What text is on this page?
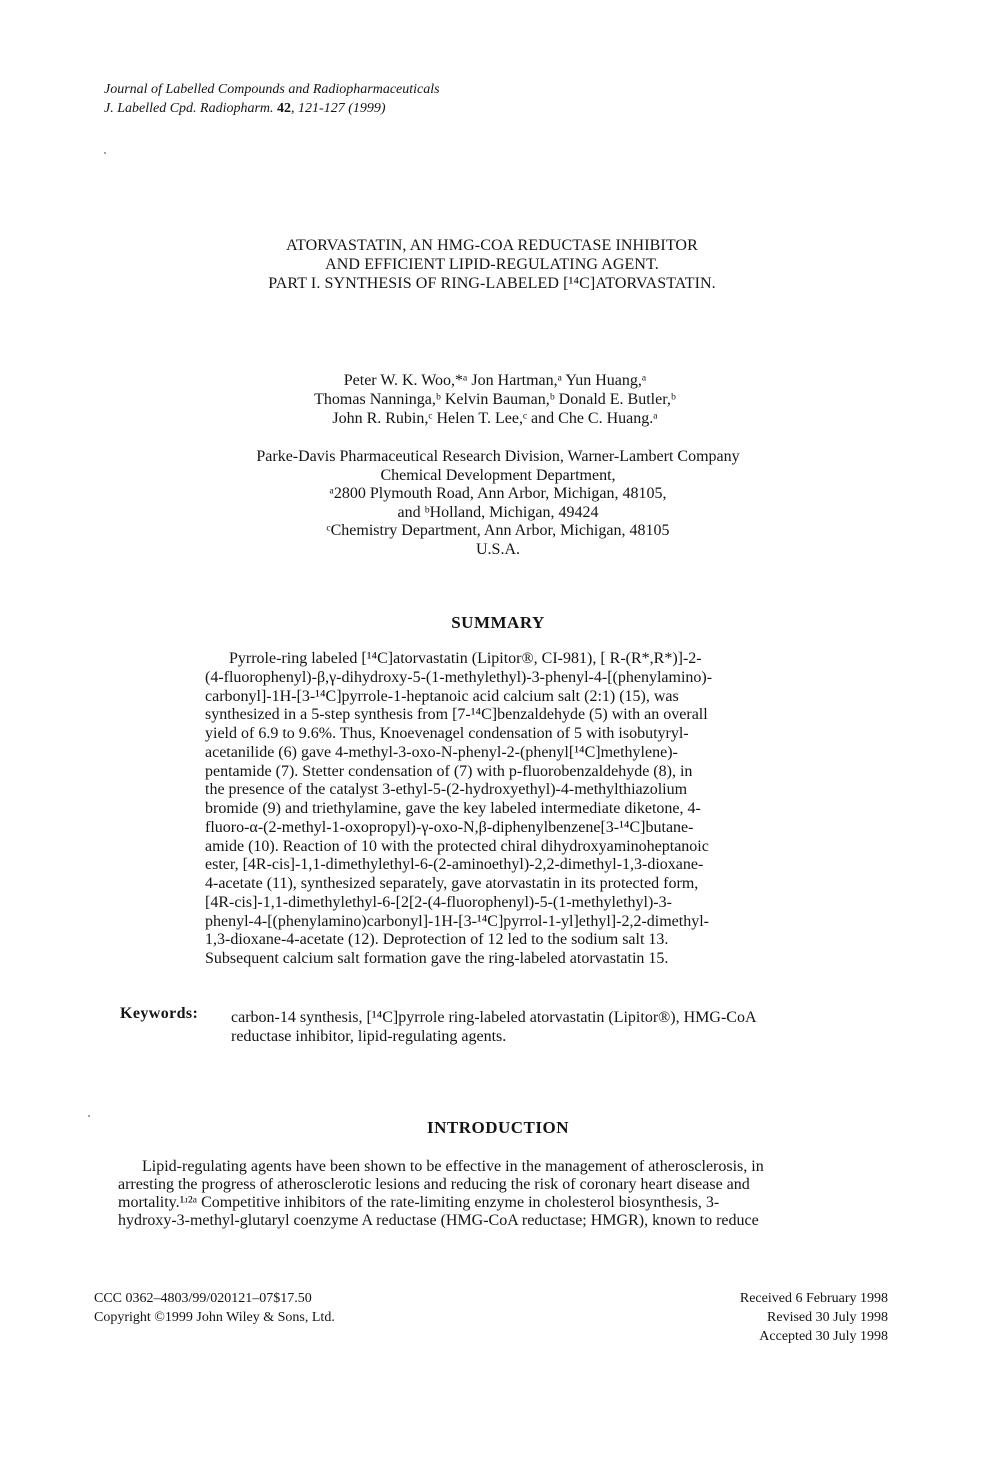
Journal of Labelled Compounds and Radiopharmaceuticals
J. Labelled Cpd. Radiopharm. 42, 121-127 (1999)
ATORVASTATIN, AN HMG-COA REDUCTASE INHIBITOR
AND EFFICIENT LIPID-REGULATING AGENT.
PART I. SYNTHESIS OF RING-LABELED [¹⁴C]ATORVASTATIN.
Peter W. K. Woo,*ᵃ Jon Hartman,ᵃ Yun Huang,ᵃ
Thomas Nanninga,ᵇ Kelvin Bauman,ᵇ Donald E. Butler,ᵇ
John R. Rubin,ᶜ Helen T. Lee,ᶜ and Che C. Huang.ᵃ
Parke-Davis Pharmaceutical Research Division, Warner-Lambert Company
Chemical Development Department,
ᵃ2800 Plymouth Road, Ann Arbor, Michigan, 48105,
and ᵇHolland, Michigan, 49424
ᶜChemistry Department, Ann Arbor, Michigan, 48105
U.S.A.
SUMMARY
Pyrrole-ring labeled [¹⁴C]atorvastatin (Lipitor®, CI-981), [ R-(R*,R*)]-2-
(4-fluorophenyl)-β,γ-dihydroxy-5-(1-methylethyl)-3-phenyl-4-[(phenylamino)-
carbonyl]-1H-[3-¹⁴C]pyrrole-1-heptanoic acid calcium salt (2:1) (15), was
synthesized in a 5-step synthesis from [7-¹⁴C]benzaldehyde (5) with an overall
yield of 6.9 to 9.6%. Thus, Knoevenagel condensation of 5 with isobutyryl-
acetanilide (6) gave 4-methyl-3-oxo-N-phenyl-2-(phenyl[¹⁴C]methylene)-
pentamide (7). Stetter condensation of (7) with p-fluorobenzaldehyde (8), in
the presence of the catalyst 3-ethyl-5-(2-hydroxyethyl)-4-methylthiazolium
bromide (9) and triethylamine, gave the key labeled intermediate diketone, 4-
fluoro-α-(2-methyl-1-oxopropyl)-γ-oxo-N,β-diphenylbenzene[3-¹⁴C]butane-
amide (10). Reaction of 10 with the protected chiral dihydroxyaminoheptanoic
ester, [4R-cis]-1,1-dimethylethyl-6-(2-aminoethyl)-2,2-dimethyl-1,3-dioxane-
4-acetate (11), synthesized separately, gave atorvastatin in its protected form,
[4R-cis]-1,1-dimethylethyl-6-[2[2-(4-fluorophenyl)-5-(1-methylethyl)-3-
phenyl-4-[(phenylamino)carbonyl]-1H-[3-¹⁴C]pyrrol-1-yl]ethyl]-2,2-dimethyl-
1,3-dioxane-4-acetate (12). Deprotection of 12 led to the sodium salt 13.
Subsequent calcium salt formation gave the ring-labeled atorvastatin 15.
Keywords: carbon-14 synthesis, [¹⁴C]pyrrole ring-labeled atorvastatin (Lipitor®), HMG-CoA
reductase inhibitor, lipid-regulating agents.
INTRODUCTION
Lipid-regulating agents have been shown to be effective in the management of atherosclerosis, in
arresting the progress of atherosclerotic lesions and reducing the risk of coronary heart disease and
mortality.¹ʴ²ᵃ Competitive inhibitors of the rate-limiting enzyme in cholesterol biosynthesis, 3-
hydroxy-3-methyl-glutaryl coenzyme A reductase (HMG-CoA reductase; HMGR), known to reduce
CCC 0362–4803/99/020121–07$17.50
Copyright ©1999 John Wiley & Sons, Ltd.
Received 6 February 1998
Revised 30 July 1998
Accepted 30 July 1998
